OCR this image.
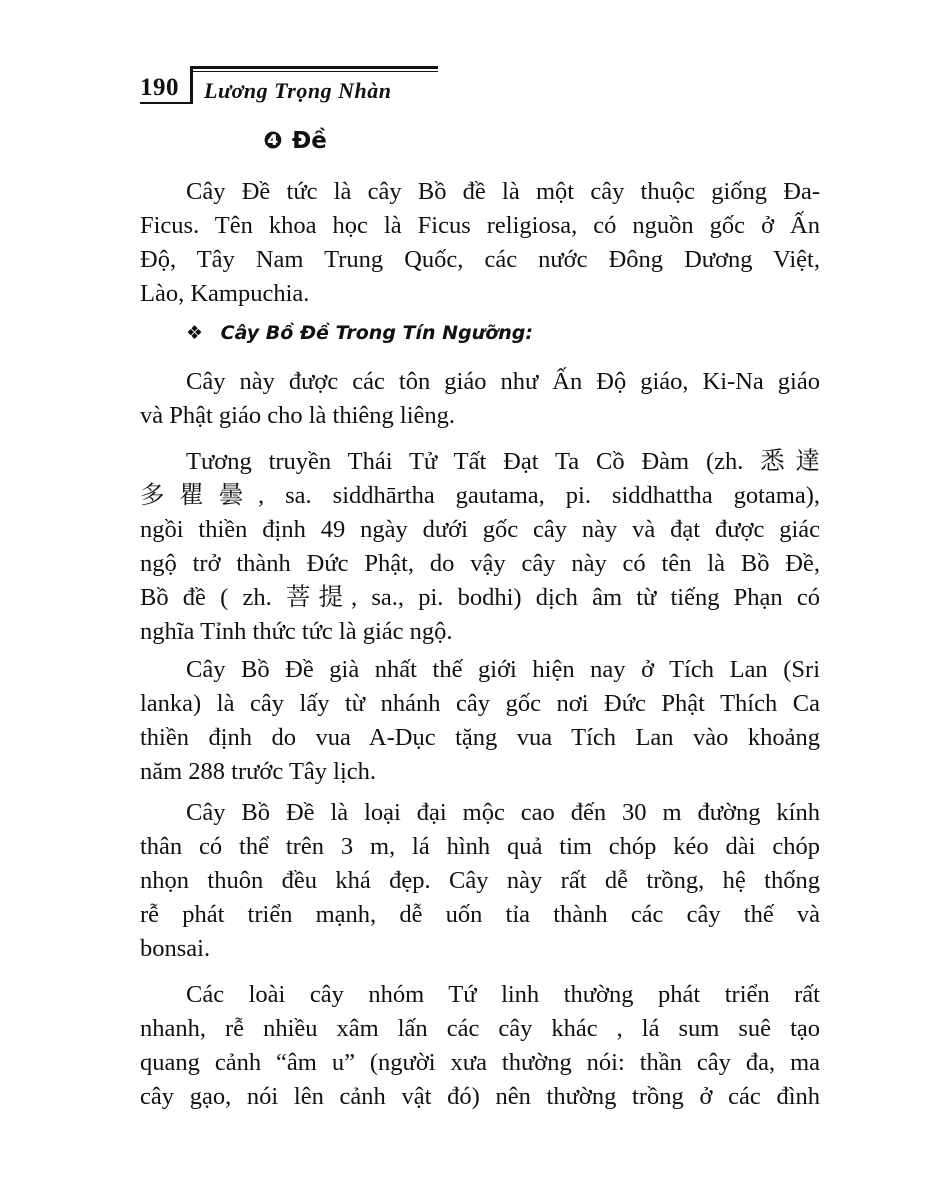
190 Lương Trọng Nhàn
❹ Đề
Cây Đề tức là cây Bồ đề là một cây thuộc giống Đa-
Ficus. Tên khoa học là Ficus religiosa, có nguồn gốc ở Ấn
Độ, Tây Nam Trung Quốc, các nước Đông Dương Việt,
Lào, Kampuchia.
❖ Cây Bồ Đề Trong Tín Ngưỡng:
Cây này được các tôn giáo như Ấn Độ giáo, Ki-Na giáo
và Phật giáo cho là thiêng liêng.
Tương truyền Thái Tử Tất Đạt Ta Cồ Đàm (zh. 悉達
多瞿曇, sa. siddhārtha gautama, pi. siddhattha gotama),
ngồi thiền định 49 ngày dưới gốc cây này và đạt được giác
ngộ trở thành Đức Phật, do vậy cây này có tên là Bồ Đề,
Bồ đề ( zh. 菩提, sa., pi. bodhi) dịch âm từ tiếng Phạn có
nghĩa Tỉnh thức tức là giác ngộ.
Cây Bồ Đề già nhất thế giới hiện nay ở Tích Lan (Sri
lanka) là cây lấy từ nhánh cây gốc nơi Đức Phật Thích Ca
thiền định do vua A-Dục tặng vua Tích Lan vào khoảng
năm 288 trước Tây lịch.
Cây Bồ Đề là loại đại mộc cao đến 30 m đường kính
thân có thể trên 3 m, lá hình quả tim chóp kéo dài chóp
nhọn thuôn đều khá đẹp. Cây này rất dễ trồng, hệ thống
rễ phát triển mạnh, dễ uốn tỉa thành các cây thế và
bonsai.
Các loài cây nhóm Tứ linh thường phát triển rất
nhanh, rễ nhiều xâm lấn các cây khác , lá sum suê tạo
quang cảnh “âm u” (người xưa thường nói: thần cây đa, ma
cây gạo, nói lên cảnh vật đó) nên thường trồng ở các đình
